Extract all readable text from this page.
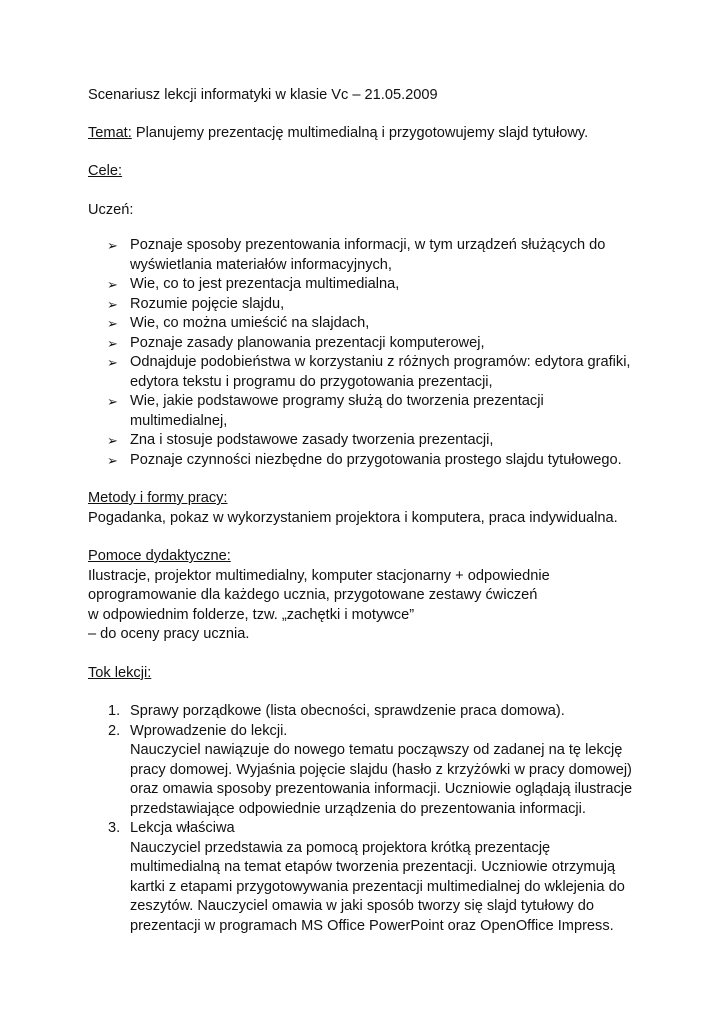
Scenariusz lekcji informatyki w klasie Vc – 21.05.2009

Temat: Planujemy prezentację multimedialną i przygotowujemy slajd tytułowy.

Cele:

Uczeń:

➢ Poznaje sposoby prezentowania informacji, w tym urządzeń służących do
wyświetlania materiałów informacyjnych,
➢ Wie, co to jest prezentacja multimedialna,
➢ Rozumie pojęcie slajdu,
➢ Wie, co można umieścić na slajdach,
➢ Poznaje zasady planowania prezentacji komputerowej,
➢ Odnajduje podobieństwa w korzystaniu z różnych programów: edytora grafiki,
edytora tekstu i programu do przygotowania prezentacji,
➢ Wie, jakie podstawowe programy służą do tworzenia prezentacji
multimedialnej,
➢ Zna i stosuje podstawowe zasady tworzenia prezentacji,
➢ Poznaje czynności niezbędne do przygotowania prostego slajdu tytułowego.

Metody i formy pracy:

Pogadanka, pokaz w wykorzystaniem projektora i komputera, praca indywidualna.

Pomoce dydaktyczne:

Ilustracje, projektor multimedialny, komputer stacjonarny + odpowiednie

oprogramowanie dla każdego ucznia, przygotowane zestawy ćwiczeń

w odpowiednim folderze, tzw. „zachętki i motywce”

– do oceny pracy ucznia.

Tok lekcji:

1. Sprawy porządkowe (lista obecności, sprawdzenie praca domowa).
2. Wprowadzenie do lekcji.
Nauczyciel nawiązuje do nowego tematu począwszy od zadanej na tę lekcję
pracy domowej. Wyjaśnia pojęcie slajdu (hasło z krzyżówki w pracy domowej)
oraz omawia sposoby prezentowania informacji. Uczniowie oglądają ilustracje
przedstawiające odpowiednie urządzenia do prezentowania informacji.
3. Lekcja właściwa
Nauczyciel przedstawia za pomocą projektora krótką prezentację
multimedialną na temat etapów tworzenia prezentacji. Uczniowie otrzymują
kartki z etapami przygotowywania prezentacji multimedialnej do wklejenia do
zeszytów. Nauczyciel omawia w jaki sposób tworzy się slajd tytułowy do
prezentacji w programach MS Office PowerPoint oraz OpenOffice Impress.
